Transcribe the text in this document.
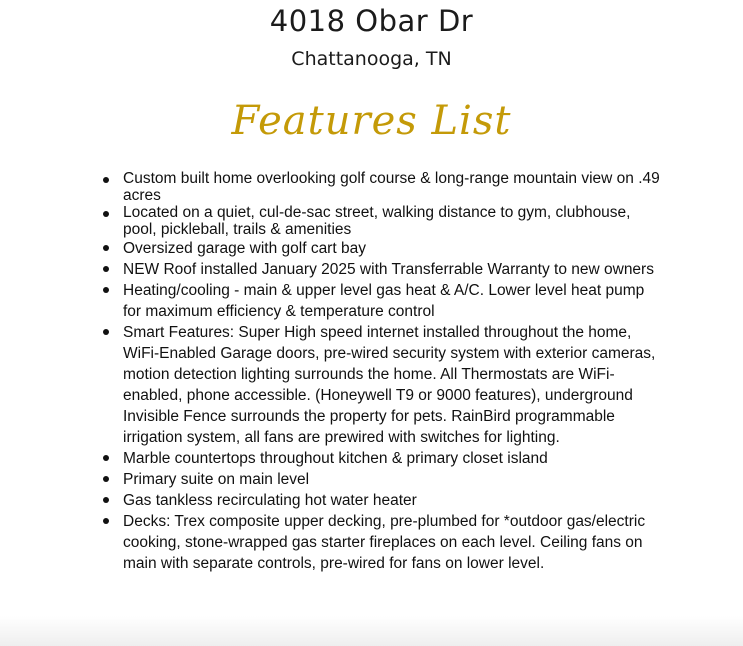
4018 Obar Dr
Chattanooga, TN
Features List
Custom built home overlooking golf course & long-range mountain view on .49 acres
Located on a quiet, cul-de-sac street, walking distance to gym, clubhouse, pool, pickleball, trails & amenities
Oversized garage with golf cart bay
NEW Roof installed January 2025 with Transferrable Warranty to new owners
Heating/cooling - main & upper level gas heat & A/C. Lower level heat pump for maximum efficiency & temperature control
Smart Features: Super High speed internet installed throughout the home, WiFi-Enabled Garage doors, pre-wired security system with exterior cameras, motion detection lighting surrounds the home. All Thermostats are WiFi-enabled, phone accessible. (Honeywell T9 or 9000 features), underground Invisible Fence surrounds the property for pets. RainBird programmable irrigation system, all fans are prewired with switches for lighting.
Marble countertops throughout kitchen & primary closet island
Primary suite on main level
Gas tankless recirculating hot water heater
Decks: Trex composite upper decking, pre-plumbed for *outdoor gas/electric cooking, stone-wrapped gas starter fireplaces on each level. Ceiling fans on main with separate controls, pre-wired for fans on lower level.
